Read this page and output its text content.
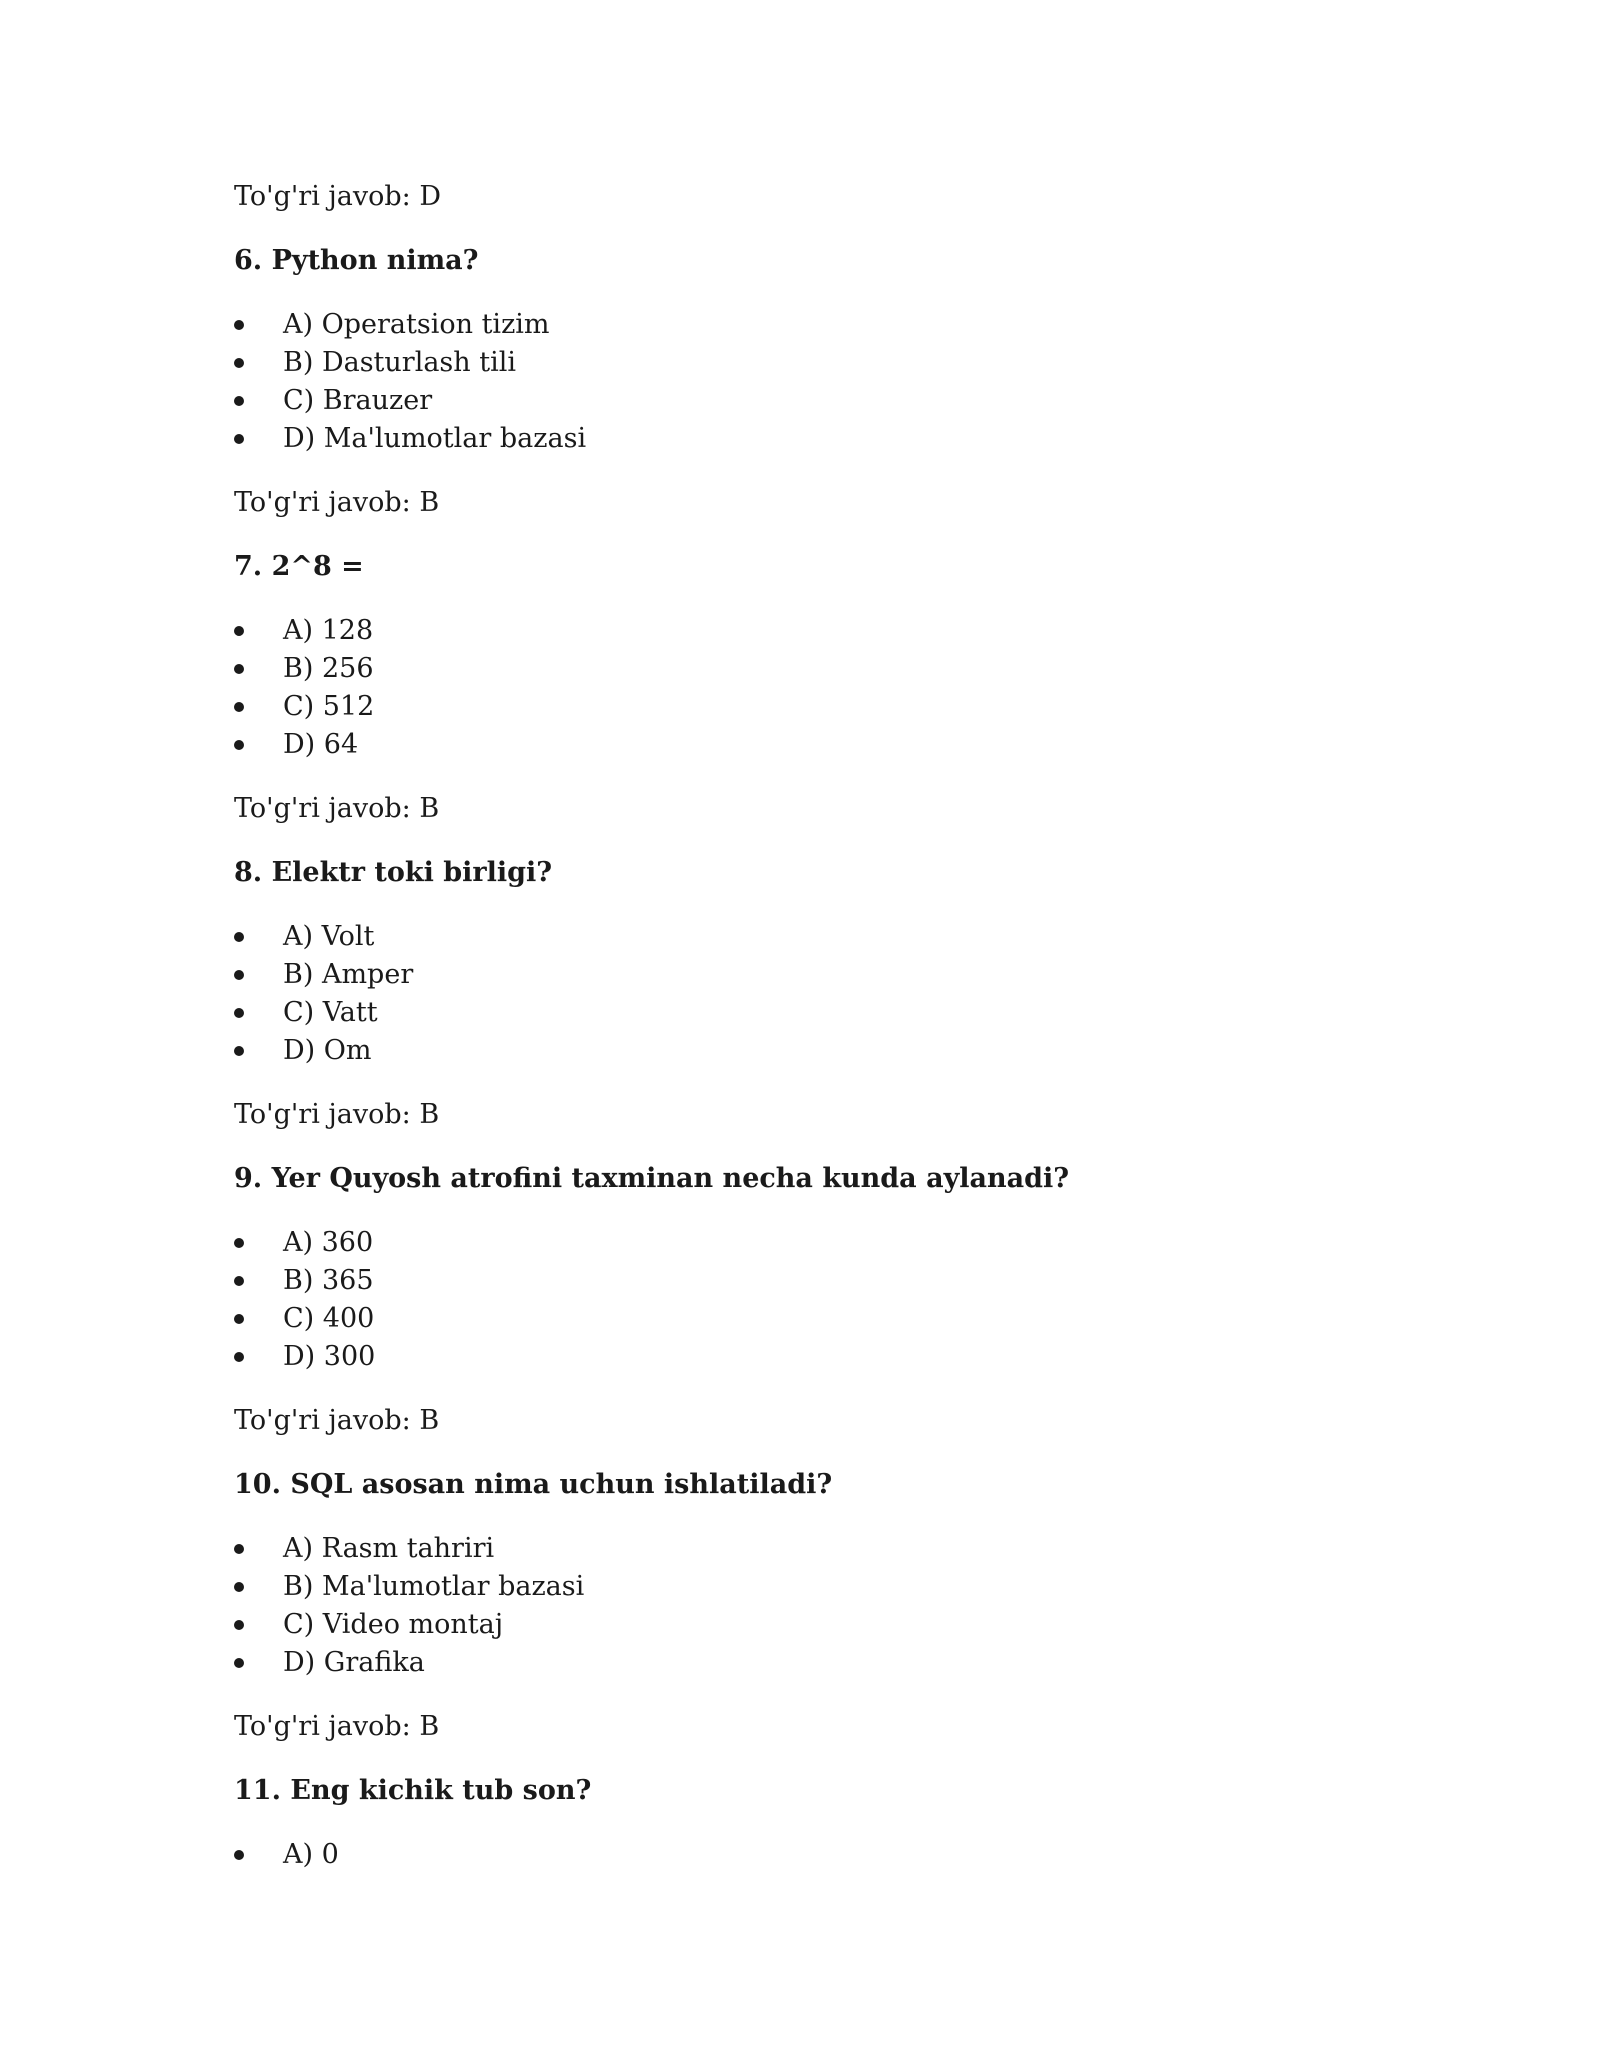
To'g'ri javob: D

6. Python nima?

A) Operatsion tizim
B) Dasturlash tili
C) Brauzer
D) Ma'lumotlar bazasi

To'g'ri javob: B

7. 2^8 =

A) 128
B) 256
C) 512
D) 64

To'g'ri javob: B

8. Elektr toki birligi?

A) Volt
B) Amper
C) Vatt
D) Om

To'g'ri javob: B

9. Yer Quyosh atrofini taxminan necha kunda aylanadi?

A) 360
B) 365
C) 400
D) 300

To'g'ri javob: B

10. SQL asosan nima uchun ishlatiladi?

A) Rasm tahriri
B) Ma'lumotlar bazasi
C) Video montaj
D) Grafika

To'g'ri javob: B

11. Eng kichik tub son?

A) 0
